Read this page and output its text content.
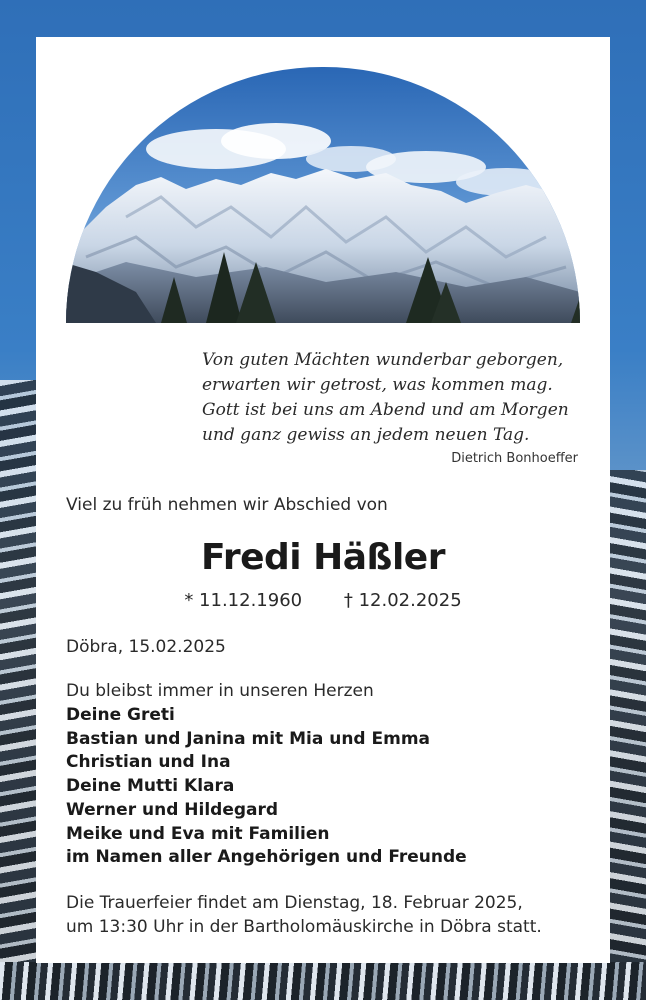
Von guten Mächten wunderbar geborgen,
erwarten wir getrost, was kommen mag.
Gott ist bei uns am Abend und am Morgen
und ganz gewiss an jedem neuen Tag.
Dietrich Bonhoeffer
Viel zu früh nehmen wir Abschied von
Fredi Häßler
* 11.12.1960 † 12.02.2025
Döbra, 15.02.2025
Du bleibst immer in unseren Herzen
Deine Greti
Bastian und Janina mit Mia und Emma
Christian und Ina
Deine Mutti Klara
Werner und Hildegard
Meike und Eva mit Familien
im Namen aller Angehörigen und Freunde
Die Trauerfeier findet am Dienstag, 18. Februar 2025,
um 13:30 Uhr in der Bartholomäuskirche in Döbra statt.
